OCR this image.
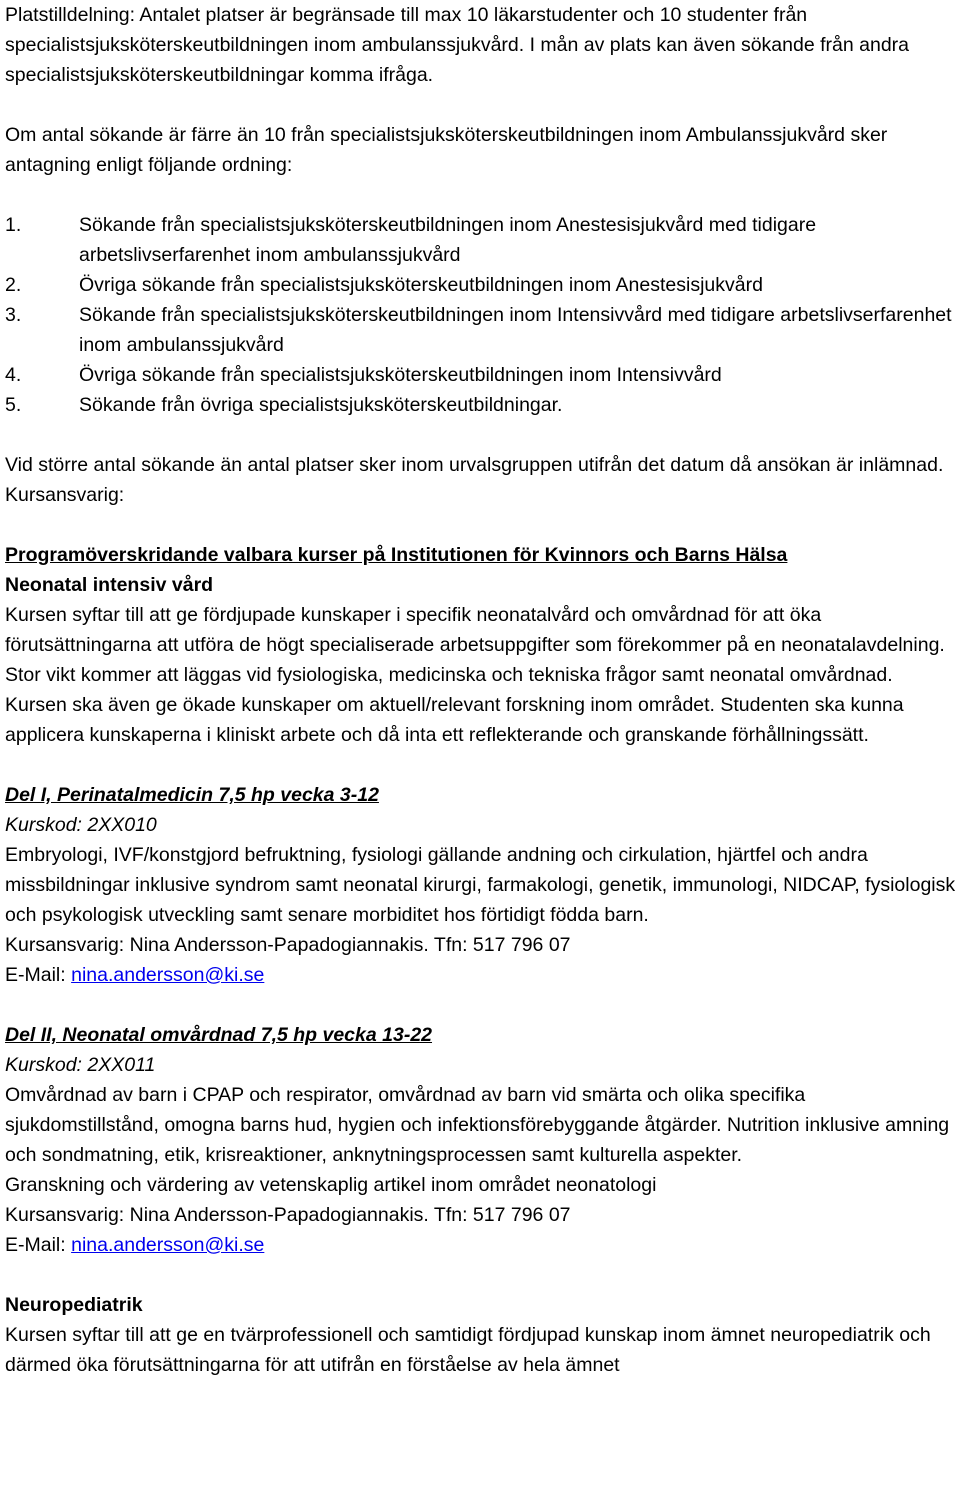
Platstilldelning: Antalet platser är begränsade till max 10 läkarstudenter och 10 studenter från specialistsjuksköterskeutbildningen inom ambulanssjukvård. I mån av plats kan även sökande från andra specialistsjuksköterskeutbildningar komma ifråga.

Om antal sökande är färre än 10 från specialistsjuksköterskeutbildningen inom Ambulanssjukvård sker antagning enligt följande ordning:

1.	Sökande från specialistsjuksköterskeutbildningen inom Anestesisjukvård med tidigare arbetslivserfarenhet inom ambulanssjukvård
2.	Övriga sökande från specialistsjuksköterskeutbildningen inom Anestesisjukvård
3.	Sökande från specialistsjuksköterskeutbildningen inom Intensivvård med tidigare arbetslivserfarenhet inom ambulanssjukvård
4.	Övriga sökande från specialistsjuksköterskeutbildningen inom Intensivvård
5.	Sökande från övriga specialistsjuksköterskeutbildningar.

Vid större antal sökande än antal platser sker inom urvalsgruppen utifrån det datum då ansökan är inlämnad.

Kursansvarig:

Programöverskridande valbara kurser på Institutionen för Kvinnors och Barns Hälsa

Neonatal intensiv vård

Kursen syftar till att ge fördjupade kunskaper i specifik neonatalvård och omvårdnad för att öka förutsättningarna att utföra de högt specialiserade arbetsuppgifter som förekommer på en neonatalavdelning. Stor vikt kommer att läggas vid fysiologiska, medicinska och tekniska frågor samt neonatal omvårdnad. Kursen ska även ge ökade kunskaper om aktuell/relevant forskning inom området. Studenten ska kunna applicera kunskaperna i kliniskt arbete och då inta ett reflekterande och granskande förhållningssätt.

Del I, Perinatalmedicin 7,5 hp vecka 3-12

Kurskod: 2XX010

Embryologi, IVF/konstgjord befruktning, fysiologi gällande andning och cirkulation, hjärtfel och andra missbildningar inklusive syndrom samt neonatal kirurgi, farmakologi, genetik, immunologi, NIDCAP, fysiologisk och psykologisk utveckling samt senare morbiditet hos förtidigt födda barn.

Kursansvarig: Nina Andersson-Papadogiannakis. Tfn: 517 796 07

E-Mail: nina.andersson@ki.se

Del II, Neonatal omvårdnad 7,5 hp vecka 13-22

Kurskod: 2XX011

Omvårdnad av barn i CPAP och respirator, omvårdnad av barn vid smärta och olika specifika sjukdomstillstånd, omogna barns hud, hygien och infektionsförebyggande åtgärder. Nutrition inklusive amning och sondmatning, etik, krisreaktioner, anknytningsprocessen samt kulturella aspekter.

Granskning och värdering av vetenskaplig artikel inom området neonatologi

Kursansvarig: Nina Andersson-Papadogiannakis. Tfn: 517 796 07

E-Mail: nina.andersson@ki.se

Neuropediatrik

Kursen syftar till att ge en tvärprofessionell och samtidigt fördjupad kunskap inom ämnet neuropediatrik och därmed öka förutsättningarna för att utifrån en förståelse av hela ämnet
